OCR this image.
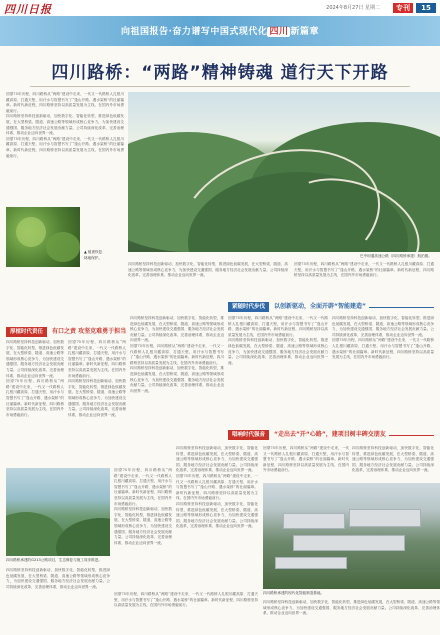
四川日报	2024年8月27日 星期二	专刊	15
向祖国报告·奋力谱写中国式现代化 四川 新篇章
四川路桥：“两路”精神铸魂 道行天下开路
回望75年历程，四川路桥从“两路”建设中走来，一代又一代路桥人扎根川藏高原、打通天堑，用汗水与智慧书写了“逢山开路、遇水架桥”的壮丽篇章。新时代新征程，四川路桥坚持以高质量发展为主线，在国内外市场勇毅前行。
四川路桥坚持科技创新驱动，加快数字化、智能化转型，推进绿色低碳发展，在大型桥梁、隧道、高速公路等领域形成核心竞争力，为加快建设交通强国、服务地方经济社会发展贡献力量。公司持续深化改革，完善治理体系，推动企业迈向世界一流。
回望75年历程，四川路桥从“两路”建设中走来，一代又一代路桥人扎根川藏高原、打通天堑，用汗水与智慧书写了“逢山开路、遇水架桥”的壮丽篇章。新时代新征程，四川路桥坚持以高质量发展为主线，在国内外市场勇毅前行。
巴中坝通高速公路（四川路桥承建）航拍图。
▲ 植被恢复
林地保护。
四川路桥坚持科技创新驱动，加快数字化、智能化转型，推进绿色低碳发展，在大型桥梁、隧道、高速公路等领域形成核心竞争力，为加快建设交通强国、服务地方经济社会发展贡献力量。公司持续深化改革，完善治理体系，推动企业迈向世界一流。
回望75年历程，四川路桥从“两路”建设中走来，一代又一代路桥人扎根川藏高原、打通天堑，用汗水与智慧书写了“逢山开路、遇水架桥”的壮丽篇章。新时代新征程，四川路桥坚持以高质量发展为主线，在国内外市场勇毅前行。
紧随时代步伐	以创新驱动，全面开辟“智能建造”
厚植时代责任	有口之责 攻坚克难勇于担当
四川路桥坚持科技创新驱动，加快数字化、智能化转型，推进绿色低碳发展，在大型桥梁、隧道、高速公路等领域形成核心竞争力，为加快建设交通强国、服务地方经济社会发展贡献力量。公司持续深化改革，完善治理体系，推动企业迈向世界一流。
回望75年历程，四川路桥从“两路”建设中走来，一代又一代路桥人扎根川藏高原、打通天堑，用汗水与智慧书写了“逢山开路、遇水架桥”的壮丽篇章。新时代新征程，四川路桥坚持以高质量发展为主线，在国内外市场勇毅前行。
回望75年历程，四川路桥从“两路”建设中走来，一代又一代路桥人扎根川藏高原、打通天堑，用汗水与智慧书写了“逢山开路、遇水架桥”的壮丽篇章。新时代新征程，四川路桥坚持以高质量发展为主线，在国内外市场勇毅前行。
四川路桥坚持科技创新驱动，加快数字化、智能化转型，推进绿色低碳发展，在大型桥梁、隧道、高速公路等领域形成核心竞争力，为加快建设交通强国、服务地方经济社会发展贡献力量。公司持续深化改革，完善治理体系，推动企业迈向世界一流。
四川路桥坚持科技创新驱动，加快数字化、智能化转型，推进绿色低碳发展，在大型桥梁、隧道、高速公路等领域形成核心竞争力，为加快建设交通强国、服务地方经济社会发展贡献力量。公司持续深化改革，完善治理体系，推动企业迈向世界一流。
回望75年历程，四川路桥从“两路”建设中走来，一代又一代路桥人扎根川藏高原、打通天堑，用汗水与智慧书写了“逢山开路、遇水架桥”的壮丽篇章。新时代新征程，四川路桥坚持以高质量发展为主线，在国内外市场勇毅前行。
四川路桥坚持科技创新驱动，加快数字化、智能化转型，推进绿色低碳发展，在大型桥梁、隧道、高速公路等领域形成核心竞争力，为加快建设交通强国、服务地方经济社会发展贡献力量。公司持续深化改革，完善治理体系，推动企业迈向世界一流。
回望75年历程，四川路桥从“两路”建设中走来，一代又一代路桥人扎根川藏高原、打通天堑，用汗水与智慧书写了“逢山开路、遇水架桥”的壮丽篇章。新时代新征程，四川路桥坚持以高质量发展为主线，在国内外市场勇毅前行。
四川路桥坚持科技创新驱动，加快数字化、智能化转型，推进绿色低碳发展，在大型桥梁、隧道、高速公路等领域形成核心竞争力，为加快建设交通强国、服务地方经济社会发展贡献力量。公司持续深化改革，完善治理体系，推动企业迈向世界一流。
四川路桥坚持科技创新驱动，加快数字化、智能化转型，推进绿色低碳发展，在大型桥梁、隧道、高速公路等领域形成核心竞争力，为加快建设交通强国、服务地方经济社会发展贡献力量。公司持续深化改革，完善治理体系，推动企业迈向世界一流。
回望75年历程，四川路桥从“两路”建设中走来，一代又一代路桥人扎根川藏高原、打通天堑，用汗水与智慧书写了“逢山开路、遇水架桥”的壮丽篇章。新时代新征程，四川路桥坚持以高质量发展为主线，在国内外市场勇毅前行。
唱响时代强音	“走出去”开“心路”，建项目树丰碑交朋友
回望75年历程，四川路桥从“两路”建设中走来，一代又一代路桥人扎根川藏高原、打通天堑，用汗水与智慧书写了“逢山开路、遇水架桥”的壮丽篇章。新时代新征程，四川路桥坚持以高质量发展为主线，在国内外市场勇毅前行。
四川路桥坚持科技创新驱动，加快数字化、智能化转型，推进绿色低碳发展，在大型桥梁、隧道、高速公路等领域形成核心竞争力，为加快建设交通强国、服务地方经济社会发展贡献力量。公司持续深化改革，完善治理体系，推动企业迈向世界一流。
四川路桥坚持科技创新驱动，加快数字化、智能化转型，推进绿色低碳发展，在大型桥梁、隧道、高速公路等领域形成核心竞争力，为加快建设交通强国、服务地方经济社会发展贡献力量。公司持续深化改革，完善治理体系，推动企业迈向世界一流。
回望75年历程，四川路桥从“两路”建设中走来，一代又一代路桥人扎根川藏高原、打通天堑，用汗水与智慧书写了“逢山开路、遇水架桥”的壮丽篇章。新时代新征程，四川路桥坚持以高质量发展为主线，在国内外市场勇毅前行。
四川路桥坚持科技创新驱动，加快数字化、智能化转型，推进绿色低碳发展，在大型桥梁、隧道、高速公路等领域形成核心竞争力，为加快建设交通强国、服务地方经济社会发展贡献力量。公司持续深化改革，完善治理体系，推动企业迈向世界一流。
回望75年历程，四川路桥从“两路”建设中走来，一代又一代路桥人扎根川藏高原、打通天堑，用汗水与智慧书写了“逢山开路、遇水架桥”的壮丽篇章。新时代新征程，四川路桥坚持以高质量发展为主线，在国内外市场勇毅前行。
四川路桥坚持科技创新驱动，加快数字化、智能化转型，推进绿色低碳发展，在大型桥梁、隧道、高速公路等领域形成核心竞争力，为加快建设交通强国、服务地方经济社会发展贡献力量。公司持续深化改革，完善治理体系，推动企业迈向世界一流。
四川路桥承建的G213公路项目，生态修复与施工同步推进。
四川路桥承建的现代化智能制造基地。
四川路桥坚持科技创新驱动，加快数字化、智能化转型，推进绿色低碳发展，在大型桥梁、隧道、高速公路等领域形成核心竞争力，为加快建设交通强国、服务地方经济社会发展贡献力量。公司持续深化改革，完善治理体系，推动企业迈向世界一流。
回望75年历程，四川路桥从“两路”建设中走来，一代又一代路桥人扎根川藏高原、打通天堑，用汗水与智慧书写了“逢山开路、遇水架桥”的壮丽篇章。新时代新征程，四川路桥坚持以高质量发展为主线，在国内外市场勇毅前行。
四川路桥坚持科技创新驱动，加快数字化、智能化转型，推进绿色低碳发展，在大型桥梁、隧道、高速公路等领域形成核心竞争力，为加快建设交通强国、服务地方经济社会发展贡献力量。公司持续深化改革，完善治理体系，推动企业迈向世界一流。
